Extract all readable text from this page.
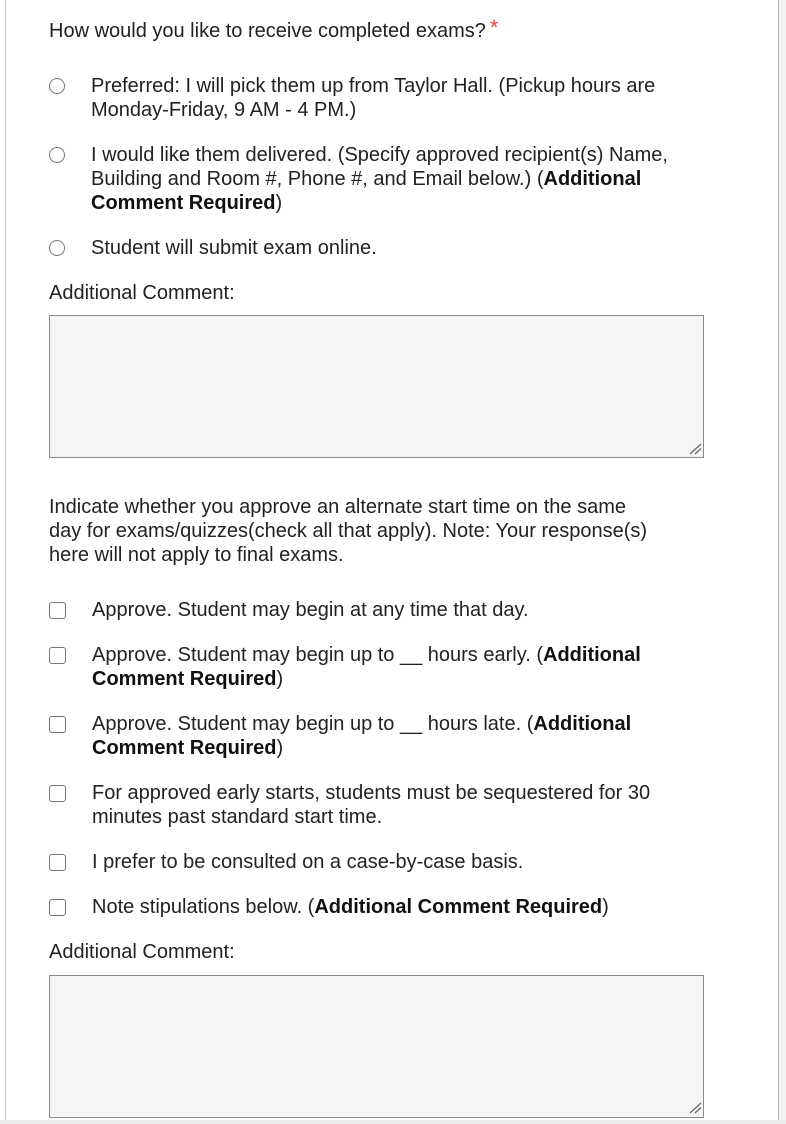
How would you like to receive completed exams? *
Preferred: I will pick them up from Taylor Hall. (Pickup hours are Monday-Friday, 9 AM - 4 PM.)
I would like them delivered. (Specify approved recipient(s) Name, Building and Room #, Phone #, and Email below.) (Additional Comment Required)
Student will submit exam online.
Additional Comment:
Indicate whether you approve an alternate start time on the same day for exams/quizzes(check all that apply). Note: Your response(s) here will not apply to final exams.
Approve. Student may begin at any time that day.
Approve. Student may begin up to __ hours early. (Additional Comment Required)
Approve. Student may begin up to __ hours late. (Additional Comment Required)
For approved early starts, students must be sequestered for 30 minutes past standard start time.
I prefer to be consulted on a case-by-case basis.
Note stipulations below. (Additional Comment Required)
Additional Comment:
